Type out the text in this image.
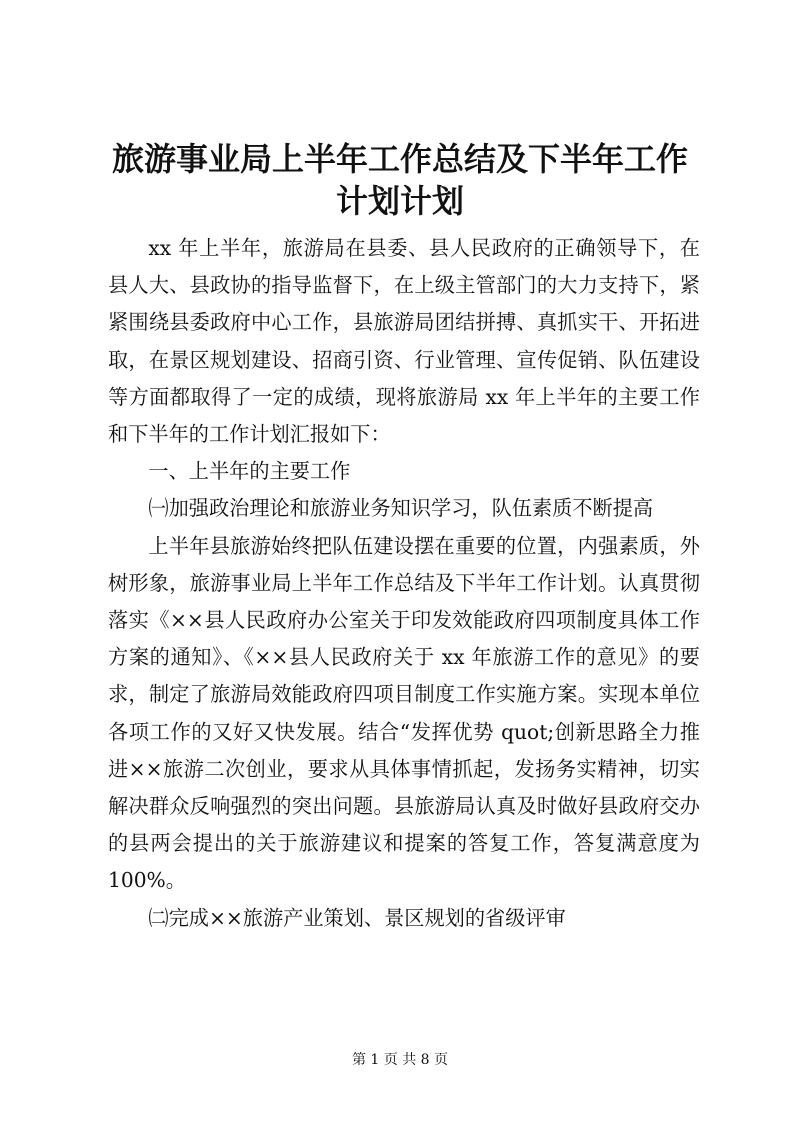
旅游事业局上半年工作总结及下半年工作计划计划

xx 年上半年，旅游局在县委、县人民政府的正确领导下，在县人大、县政协的指导监督下，在上级主管部门的大力支持下，紧紧围绕县委政府中心工作，县旅游局团结拼搏、真抓实干、开拓进取，在景区规划建设、招商引资、行业管理、宣传促销、队伍建设等方面都取得了一定的成绩，现将旅游局 xx 年上半年的主要工作和下半年的工作计划汇报如下：

一、上半年的主要工作

㈠加强政治理论和旅游业务知识学习，队伍素质不断提高

上半年县旅游始终把队伍建设摆在重要的位置，内强素质，外树形象，旅游事业局上半年工作总结及下半年工作计划。认真贯彻落实《××县人民政府办公室关于印发效能政府四项制度具体工作方案的通知》、《××县人民政府关于 xx 年旅游工作的意见》的要求，制定了旅游局效能政府四项目制度工作实施方案。实现本单位各项工作的又好又快发展。结合“发挥优势 quot;创新思路全力推进××旅游二次创业，要求从具体事情抓起，发扬务实精神，切实解决群众反响强烈的突出问题。县旅游局认真及时做好县政府交办的县两会提出的关于旅游建议和提案的答复工作，答复满意度为 100%。

㈡完成××旅游产业策划、景区规划的省级评审

第 1 页 共 8 页
